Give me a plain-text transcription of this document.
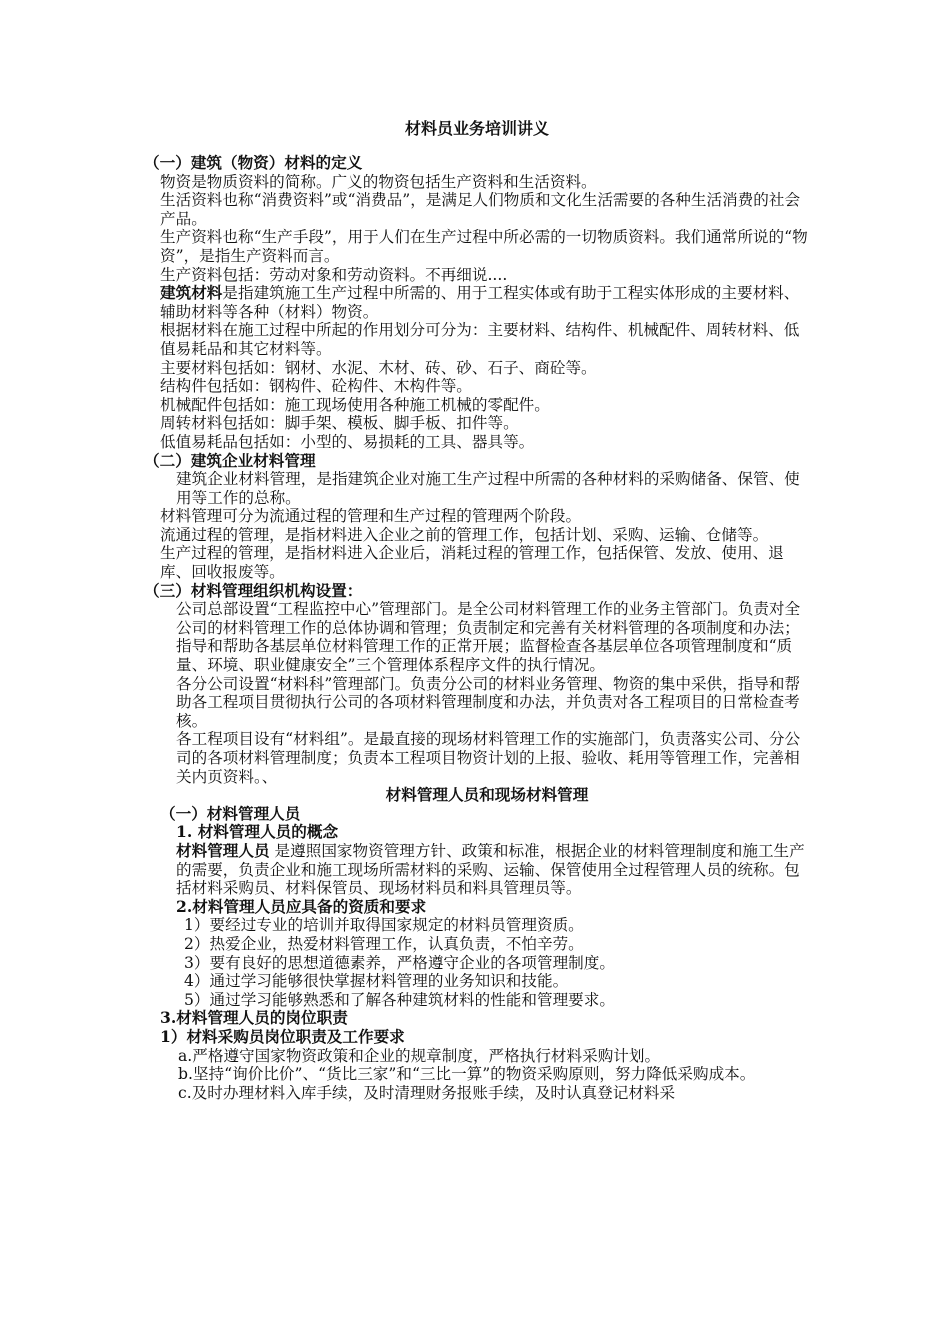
材料员业务培训讲义
（一）建筑（物资）材料的定义
物资是物质资料的简称。广义的物资包括生产资料和生活资料。
生活资料也称“消费资料”或“消费品”，是满足人们物质和文化生活需要的各种生活消费的社会产品。
生产资料也称“生产手段”，用于人们在生产过程中所必需的一切物质资料。我们通常所说的“物资”，是指生产资料而言。
生产资料包括：劳动对象和劳动资料。不再细说....
建筑材料是指建筑施工生产过程中所需的、用于工程实体或有助于工程实体形成的主要材料、辅助材料等各种（材料）物资。
根据材料在施工过程中所起的作用划分可分为：主要材料、结构件、机械配件、周转材料、低值易耗品和其它材料等。
主要材料包括如：钢材、水泥、木材、砖、砂、石子、商砼等。
结构件包括如：钢构件、砼构件、木构件等。
机械配件包括如：施工现场使用各种施工机械的零配件。
周转材料包括如：脚手架、模板、脚手板、扣件等。
低值易耗品包括如：小型的、易损耗的工具、器具等。
（二）建筑企业材料管理
建筑企业材料管理，是指建筑企业对施工生产过程中所需的各种材料的采购储备、保管、使用等工作的总称。
材料管理可分为流通过程的管理和生产过程的管理两个阶段。
流通过程的管理，是指材料进入企业之前的管理工作，包括计划、采购、运输、仓储等。
生产过程的管理，是指材料进入企业后，消耗过程的管理工作，包括保管、发放、使用、退库、回收报废等。
（三）材料管理组织机构设置：
公司总部设置“工程监控中心”管理部门。是全公司材料管理工作的业务主管部门。负责对全公司的材料管理工作的总体协调和管理；负责制定和完善有关材料管理的各项制度和办法；指导和帮助各基层单位材料管理工作的正常开展；监督检查各基层单位各项管理制度和“质量、环境、职业健康安全”三个管理体系程序文件的执行情况。
各分公司设置“材料科”管理部门。负责分公司的材料业务管理、物资的集中采供，指导和帮助各工程项目贯彻执行公司的各项材料管理制度和办法，并负责对各工程项目的日常检查考核。
各工程项目设有“材料组”。是最直接的现场材料管理工作的实施部门，负责落实公司、分公司的各项材料管理制度；负责本工程项目物资计划的上报、验收、耗用等管理工作，完善相关内页资料。、
材料管理人员和现场材料管理
（一）材料管理人员
1. 材料管理人员的概念
材料管理人员 是遵照国家物资管理方针、政策和标准，根据企业的材料管理制度和施工生产的需要，负责企业和施工现场所需材料的采购、运输、保管使用全过程管理人员的统称。包括材料采购员、材料保管员、现场材料员和料具管理员等。
2.材料管理人员应具备的资质和要求
1）要经过专业的培训并取得国家规定的材料员管理资质。
2）热爱企业，热爱材料管理工作，认真负责，不怕辛劳。
3）要有良好的思想道德素养，严格遵守企业的各项管理制度。
4）通过学习能够很快掌握材料管理的业务知识和技能。
5）通过学习能够熟悉和了解各种建筑材料的性能和管理要求。
3.材料管理人员的岗位职责
1）材料采购员岗位职责及工作要求
a.严格遵守国家物资政策和企业的规章制度，严格执行材料采购计划。
b.坚持“询价比价”、“货比三家”和“三比一算”的物资采购原则，努力降低采购成本。
c.及时办理材料入库手续，及时清理财务报账手续，及时认真登记材料采
